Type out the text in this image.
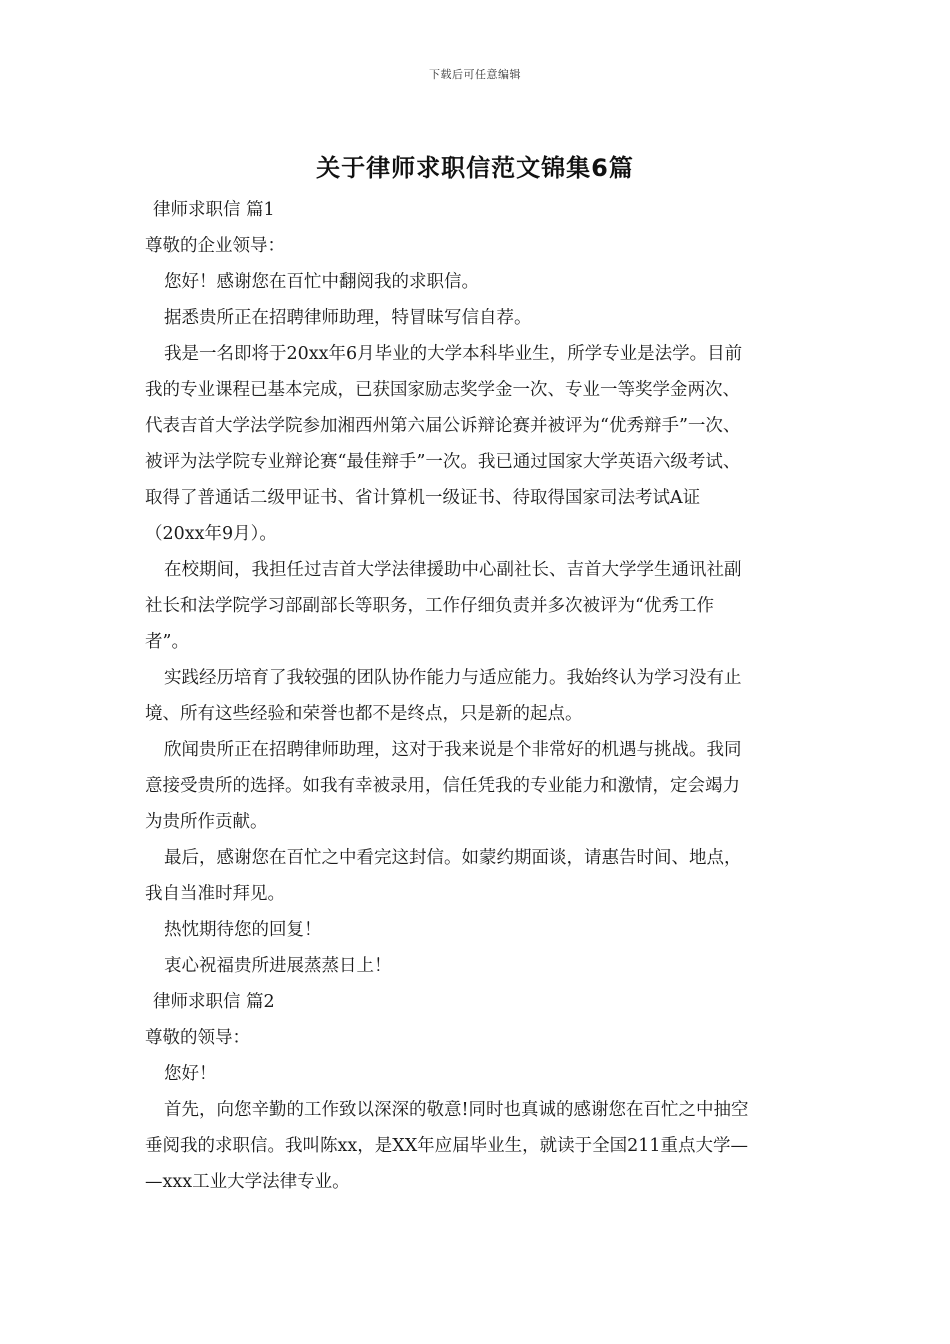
下载后可任意编辑
关于律师求职信范文锦集6篇

律师求职信 篇1

尊敬的企业领导：

您好！感谢您在百忙中翻阅我的求职信。

据悉贵所正在招聘律师助理，特冒昧写信自荐。

我是一名即将于20xx年6月毕业的大学本科毕业生，所学专业是法学。目前

我的专业课程已基本完成，已获国家励志奖学金一次、专业一等奖学金两次、

代表吉首大学法学院参加湘西州第六届公诉辩论赛并被评为“优秀辩手”一次、

被评为法学院专业辩论赛“最佳辩手”一次。我已通过国家大学英语六级考试、

取得了普通话二级甲证书、省计算机一级证书、待取得国家司法考试A证

（20xx年9月）。

在校期间，我担任过吉首大学法律援助中心副社长、吉首大学学生通讯社副

社长和法学院学习部副部长等职务，工作仔细负责并多次被评为“优秀工作

者”。

实践经历培育了我较强的团队协作能力与适应能力。我始终认为学习没有止

境、所有这些经验和荣誉也都不是终点，只是新的起点。

欣闻贵所正在招聘律师助理，这对于我来说是个非常好的机遇与挑战。我同

意接受贵所的选择。如我有幸被录用，信任凭我的专业能力和激情，定会竭力

为贵所作贡献。

最后，感谢您在百忙之中看完这封信。如蒙约期面谈，请惠告时间、地点，

我自当准时拜见。

热忱期待您的回复！

衷心祝福贵所进展蒸蒸日上！

律师求职信 篇2

尊敬的领导：

您好！

首先，向您辛勤的工作致以深深的敬意!同时也真诚的感谢您在百忙之中抽空

垂阅我的求职信。我叫陈xx，是XX年应届毕业生，就读于全国211重点大学—

—xxx工业大学法律专业。
